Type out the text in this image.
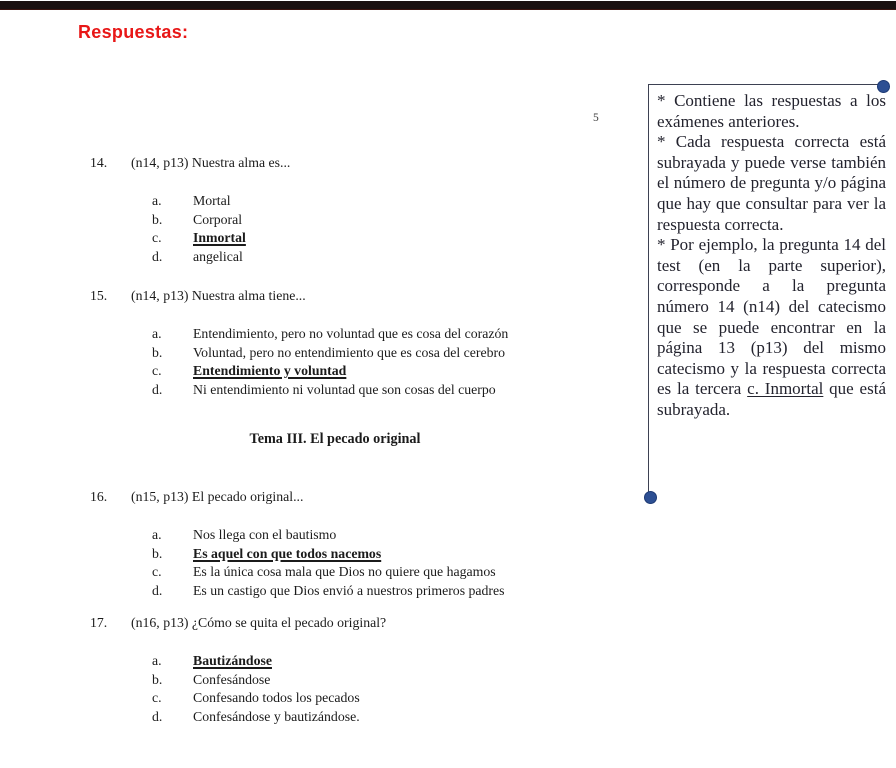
Respuestas:
5
14. (n14, p13) Nuestra alma es...
a. Mortal
b. Corporal
c. Inmortal
d. angelical
15. (n14, p13) Nuestra alma tiene...
a. Entendimiento, pero no voluntad que es cosa del corazón
b. Voluntad, pero no entendimiento que es cosa del cerebro
c. Entendimiento y voluntad
d. Ni entendimiento ni voluntad que son cosas del cuerpo
Tema III. El pecado original
16. (n15, p13) El pecado original...
a. Nos llega con el bautismo
b. Es aquel con que todos nacemos
c. Es la única cosa mala que Dios no quiere que hagamos
d. Es un castigo que Dios envió a nuestros primeros padres
17. (n16, p13) ¿Cómo se quita el pecado original?
a. Bautizándose
b. Confesándose
c. Confesando todos los pecados
d. Confesándose y bautizándose.

* Contiene las respuestas a los exámenes anteriores.

* Cada respuesta correcta está subrayada y puede verse también el número de pregunta y/o página que hay que consultar para ver la respuesta correcta.

* Por ejemplo, la pregunta 14 del test (en la parte superior), corresponde a la pregunta número 14 (n14) del catecismo que se puede encontrar en la página 13 (p13) del mismo catecismo y la respuesta correcta es la tercera c. Inmortal que está subrayada.
